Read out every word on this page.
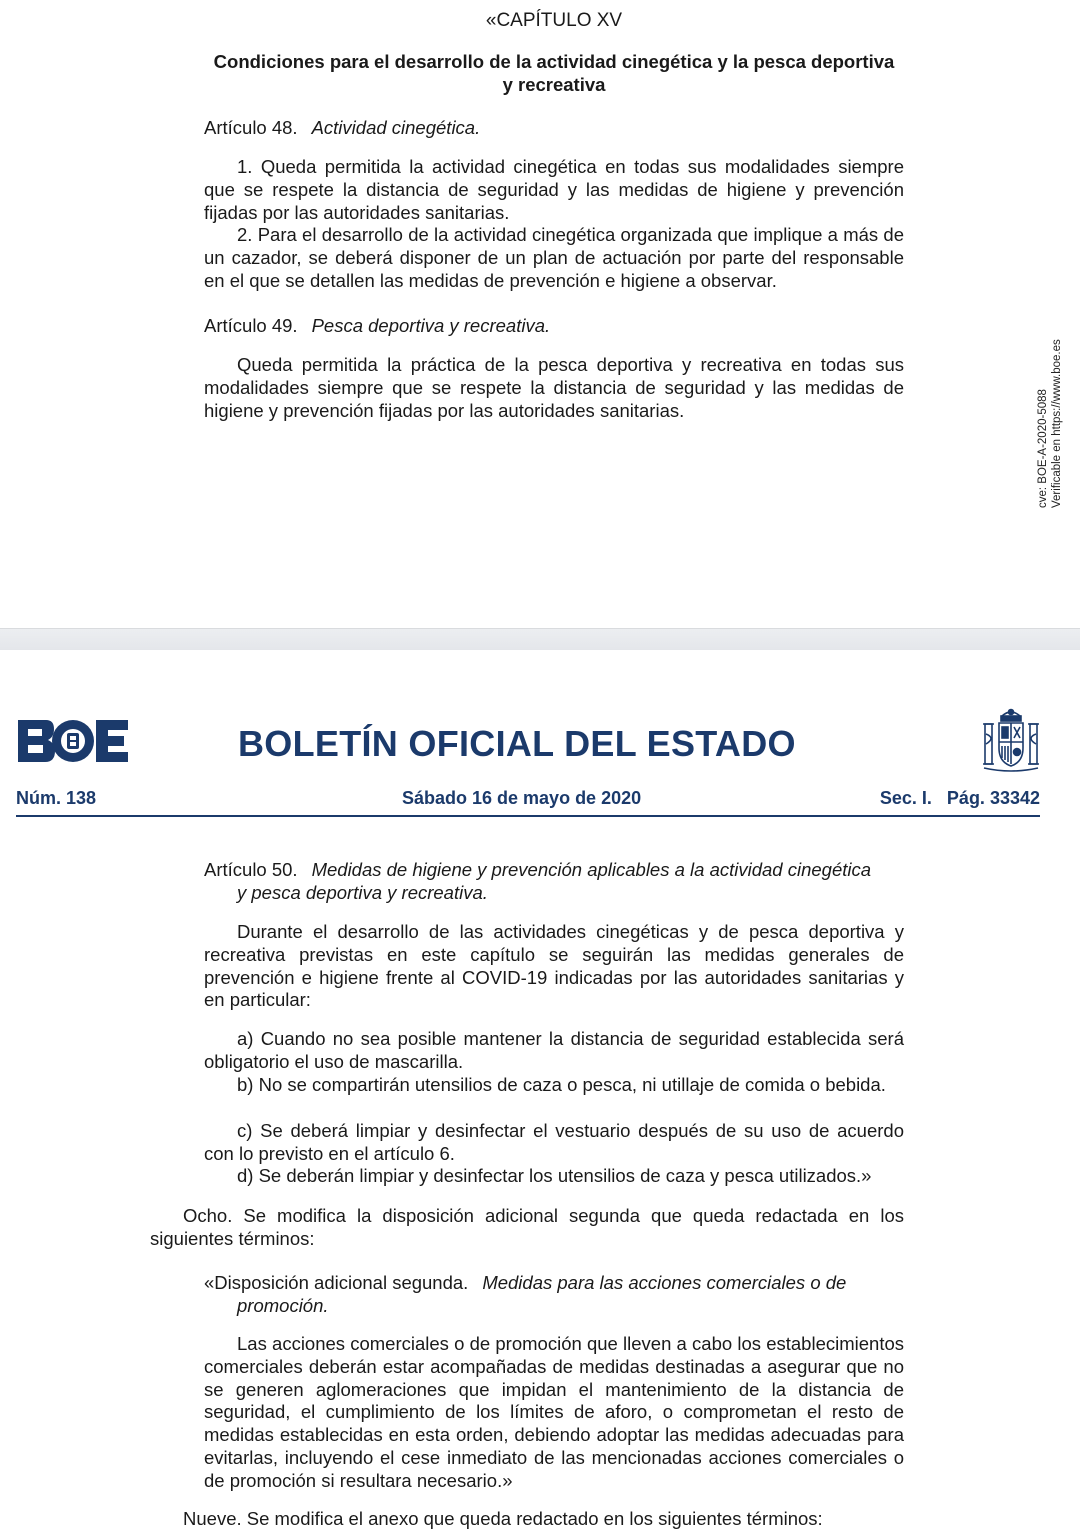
«CAPÍTULO XV
Condiciones para el desarrollo de la actividad cinegética y la pesca deportiva
y recreativa
Artículo 48. Actividad cinegética.
1. Queda permitida la actividad cinegética en todas sus modalidades siempre que se respete la distancia de seguridad y las medidas de higiene y prevención fijadas por las autoridades sanitarias.
2. Para el desarrollo de la actividad cinegética organizada que implique a más de un cazador, se deberá disponer de un plan de actuación por parte del responsable en el que se detallen las medidas de prevención e higiene a observar.
Artículo 49. Pesca deportiva y recreativa.
Queda permitida la práctica de la pesca deportiva y recreativa en todas sus modalidades siempre que se respete la distancia de seguridad y las medidas de higiene y prevención fijadas por las autoridades sanitarias.	cve: BOE-A-2020-5088 Verificable en https://www.boe.es
BOLETÍN OFICIAL DEL ESTADO
Núm. 138	Sábado 16 de mayo de 2020	Sec. I.   Pág. 33342
Artículo 50. Medidas de higiene y prevención aplicables a la actividad cinegética
y pesca deportiva y recreativa.
Durante el desarrollo de las actividades cinegéticas y de pesca deportiva y recreativa previstas en este capítulo se seguirán las medidas generales de prevención e higiene frente al COVID-19 indicadas por las autoridades sanitarias y en particular:
a) Cuando no sea posible mantener la distancia de seguridad establecida será obligatorio el uso de mascarilla.
b) No se compartirán utensilios de caza o pesca, ni utillaje de comida o bebida.
c) Se deberá limpiar y desinfectar el vestuario después de su uso de acuerdo con lo previsto en el artículo 6.
d) Se deberán limpiar y desinfectar los utensilios de caza y pesca utilizados.»
Ocho. Se modifica la disposición adicional segunda que queda redactada en los siguientes términos:
«Disposición adicional segunda. Medidas para las acciones comerciales o de
promoción.
Las acciones comerciales o de promoción que lleven a cabo los establecimientos comerciales deberán estar acompañadas de medidas destinadas a asegurar que no se generen aglomeraciones que impidan el mantenimiento de la distancia de seguridad, el cumplimiento de los límites de aforo, o comprometan el resto de medidas establecidas en esta orden, debiendo adoptar las medidas adecuadas para evitarlas, incluyendo el cese inmediato de las mencionadas acciones comerciales o de promoción si resultara necesario.»
Nueve. Se modifica el anexo que queda redactado en los siguientes términos:
